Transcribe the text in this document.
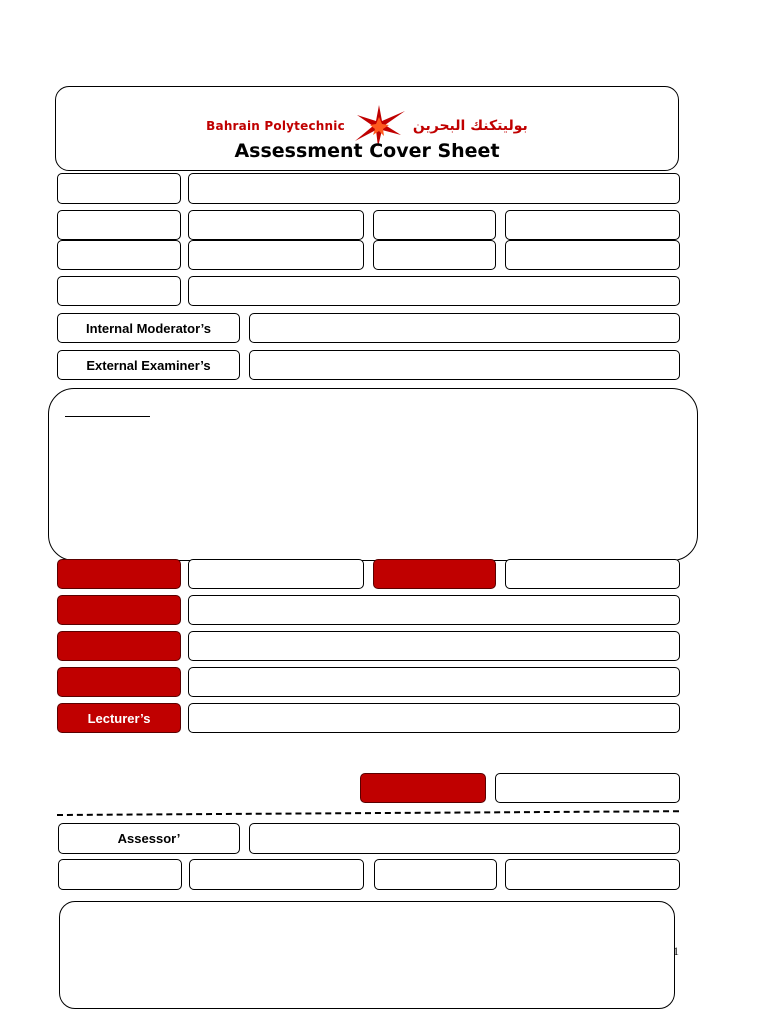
Bahrain Polytechnic	بوليتكنك البحرين
Assessment Cover Sheet
Internal Moderator’s
External Examiner’s
Lecturer’s
Assessor’
1
